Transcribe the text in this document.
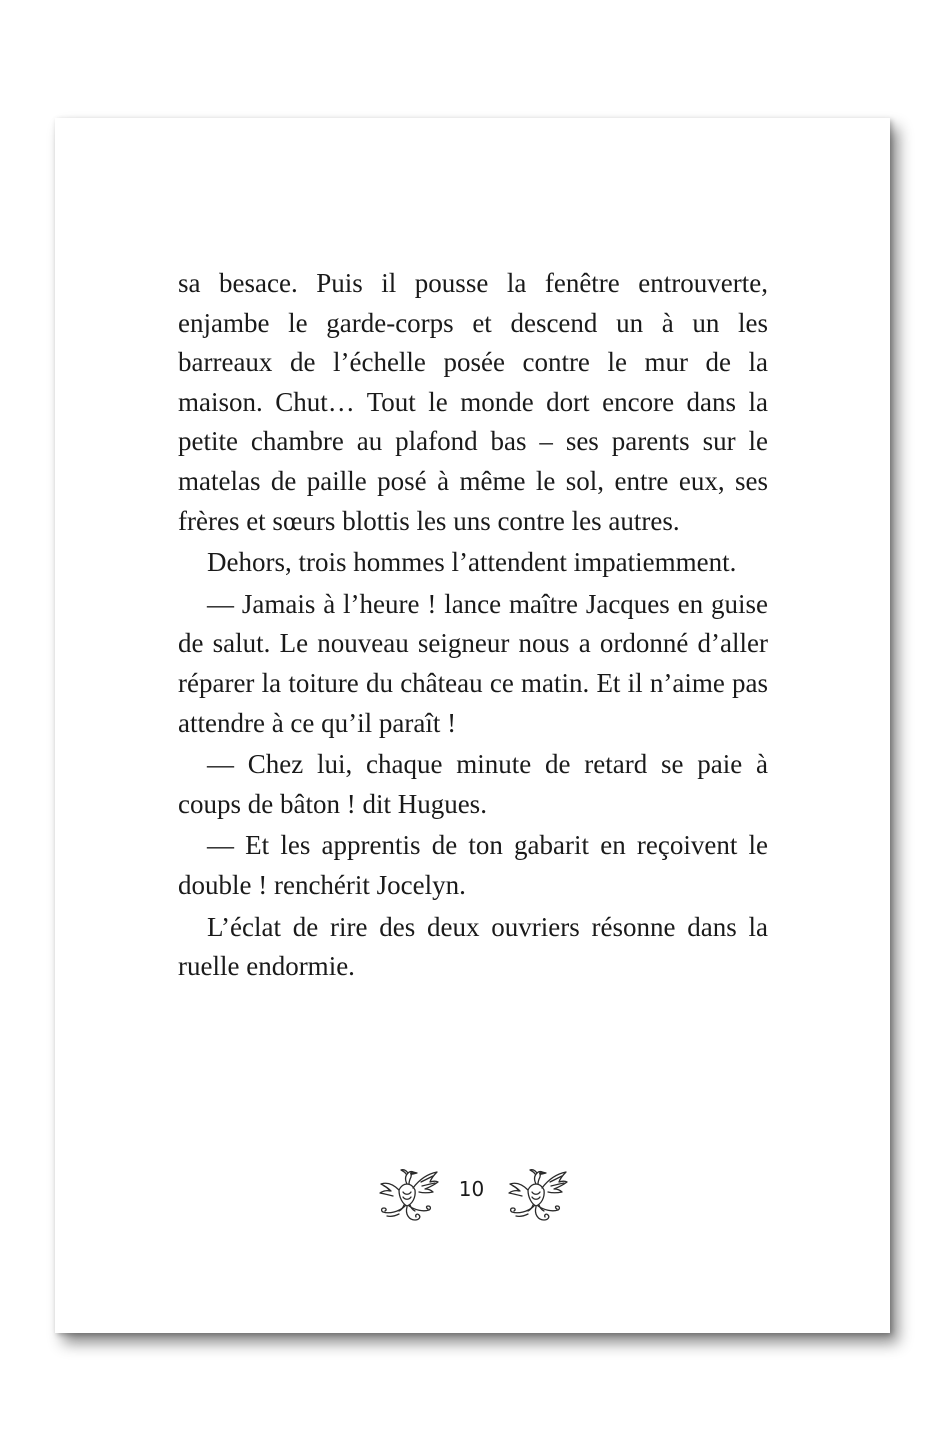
sa besace. Puis il pousse la fenêtre entrouverte, enjambe le garde-corps et descend un à un les barreaux de l’échelle posée contre le mur de la maison. Chut… Tout le monde dort encore dans la petite chambre au plafond bas – ses parents sur le matelas de paille posé à même le sol, entre eux, ses frères et sœurs blottis les uns contre les autres.

Dehors, trois hommes l’attendent impatiemment.

— Jamais à l’heure ! lance maître Jacques en guise de salut. Le nouveau seigneur nous a ordonné d’aller réparer la toiture du château ce matin. Et il n’aime pas attendre à ce qu’il paraît !

— Chez lui, chaque minute de retard se paie à coups de bâton ! dit Hugues.

— Et les apprentis de ton gabarit en reçoivent le double ! renchérit Jocelyn.

L’éclat de rire des deux ouvriers résonne dans la ruelle endormie.

10
